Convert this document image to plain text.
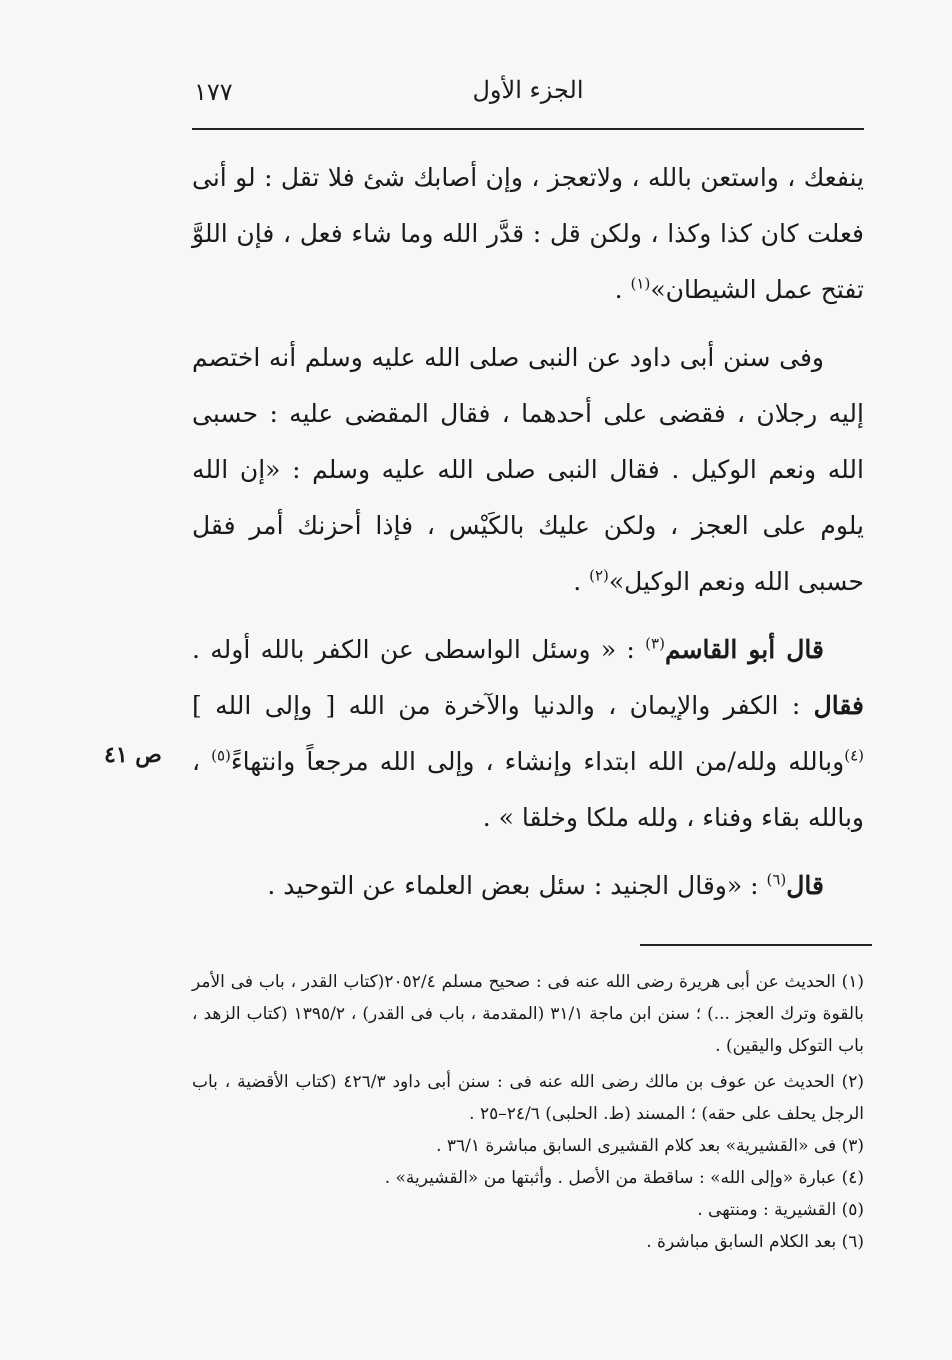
١٧٧	الجزء الأول

ينفعك ، واستعن بالله ، ولاتعجز ، وإن أصابك شئ فلا تقل : لو أنى فعلت كان كذا وكذا ، ولكن قل : قدَّر الله وما شاء فعل ، فإن اللوَّ تفتح عمل الشيطان»$^{(١)}$ .

وفى سنن أبى داود عن النبى صلى الله عليه وسلم أنه اختصم إليه رجلان ، فقضى على أحدهما ، فقال المقضى عليه : حسبى الله ونعم الوكيل . فقال النبى صلى الله عليه وسلم : «إن الله يلوم على العجز ، ولكن عليك بالكَيْس ، فإذا أحزنك أمر فقل حسبى الله ونعم الوكيل»$^{(٢)}$ .

قال أبو القاسم$^{(٣)}$ : « وسئل الواسطى عن الكفر بالله أوله . فقال : الكفر والإيمان ، والدنيا والآخرة من الله [ وإلى الله ]$^{(٤)}$وبالله ولله/من الله ابتداء وإنشاء ، وإلى الله مرجعاً وانتهاءً$^{(٥)}$ ، وبالله بقاء وفناء ، ولله ملكا وخلقا » .

قال$^{(٦)}$ : «وقال الجنيد : سئل بعض العلماء عن التوحيد .

ص ٤١

(١) الحديث عن أبى هريرة رضى الله عنه فى : صحيح مسلم ٢٠٥٢/٤(كتاب القدر ، باب فى الأمر بالقوة وترك العجز ...) ؛ سنن ابن ماجة ٣١/١ (المقدمة ، باب فى القدر) ، ١٣٩٥/٢ (كتاب الزهد ، باب التوكل واليقين) .

(٢) الحديث عن عوف بن مالك رضى الله عنه فى : سنن أبى داود ٤٢٦/٣ (كتاب الأقضية ، باب الرجل يحلف على حقه) ؛ المسند (ط. الحلبى) ٢٤/٦–٢٥ .

(٣) فى «القشيرية» بعد كلام القشيرى السابق مباشرة ٣٦/١ .

(٤) عبارة «وإلى الله» : ساقطة من الأصل . وأثبتها من «القشيرية» .

(٥) القشيرية : ومنتهى .

(٦) بعد الكلام السابق مباشرة .
